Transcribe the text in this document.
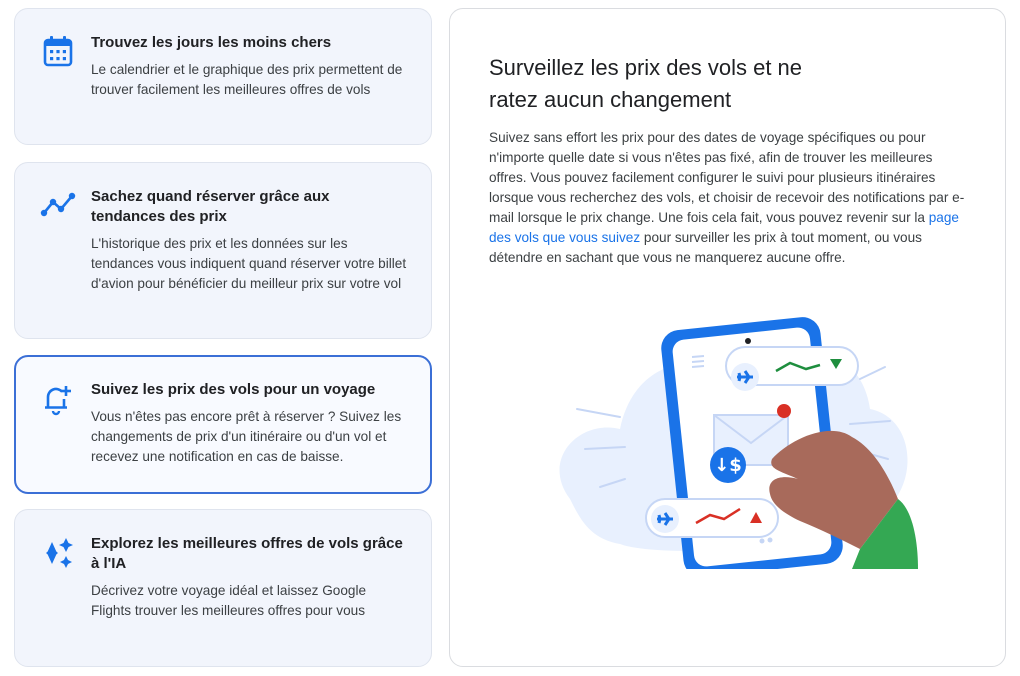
Trouvez les jours les moins chers
Le calendrier et le graphique des prix permettent de trouver facilement les meilleures offres de vols
Sachez quand réserver grâce aux tendances des prix
L'historique des prix et les données sur les tendances vous indiquent quand réserver votre billet d'avion pour bénéficier du meilleur prix sur votre vol
Suivez les prix des vols pour un voyage
Vous n'êtes pas encore prêt à réserver ? Suivez les changements de prix d'un itinéraire ou d'un vol et recevez une notification en cas de baisse.
Explorez les meilleures offres de vols grâce à l'IA
Décrivez votre voyage idéal et laissez Google Flights trouver les meilleures offres pour vous
Surveillez les prix des vols et ne ratez aucun changement

Suivez sans effort les prix pour des dates de voyage spécifiques ou pour n'importe quelle date si vous n'êtes pas fixé, afin de trouver les meilleures offres. Vous pouvez facilement configurer le suivi pour plusieurs itinéraires lorsque vous recherchez des vols, et choisir de recevoir des notifications par e-mail lorsque le prix change. Une fois cela fait, vous pouvez revenir sur la page des vols que vous suivez pour surveiller les prix à tout moment, ou vous détendre en sachant que vous ne manquerez aucune offre.

↓$
